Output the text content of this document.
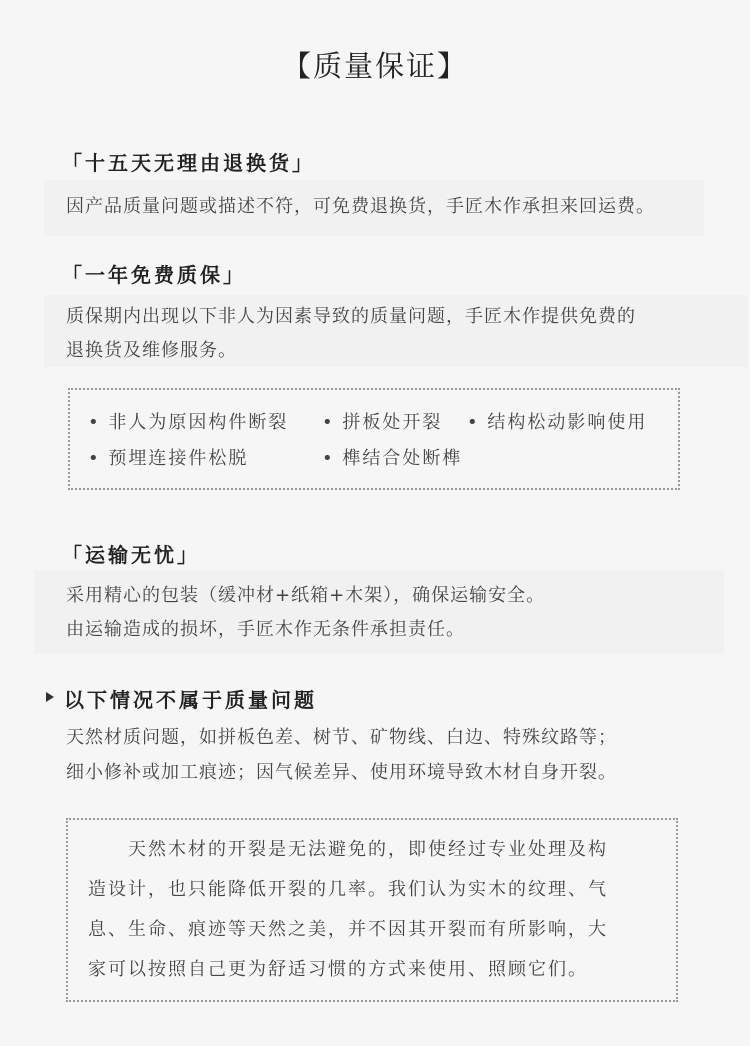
【质量保证】
「十五天无理由退换货」
因产品质量问题或描述不符，可免费退换货，手匠木作承担来回运费。
「一年免费质保」
质保期内出现以下非人为因素导致的质量问题，手匠木作提供免费的
退换货及维修服务。
• 非人为原因构件断裂 • 拼板处开裂 • 结构松动影响使用
• 预埋连接件松脱	• 榫结合处断榫
「运输无忧」
采用精心的包装（缓冲材+纸箱+木架），确保运输安全。
由运输造成的损坏，手匠木作无条件承担责任。
以下情况不属于质量问题
天然材质问题，如拼板色差、树节、矿物线、白边、特殊纹路等；
细小修补或加工痕迹；因气候差异、使用环境导致木材自身开裂。
　　天然木材的开裂是无法避免的，即使经过专业处理及构
造设计，也只能降低开裂的几率。我们认为实木的纹理、气
息、生命、痕迹等天然之美，并不因其开裂而有所影响，大
家可以按照自己更为舒适习惯的方式来使用、照顾它们。
